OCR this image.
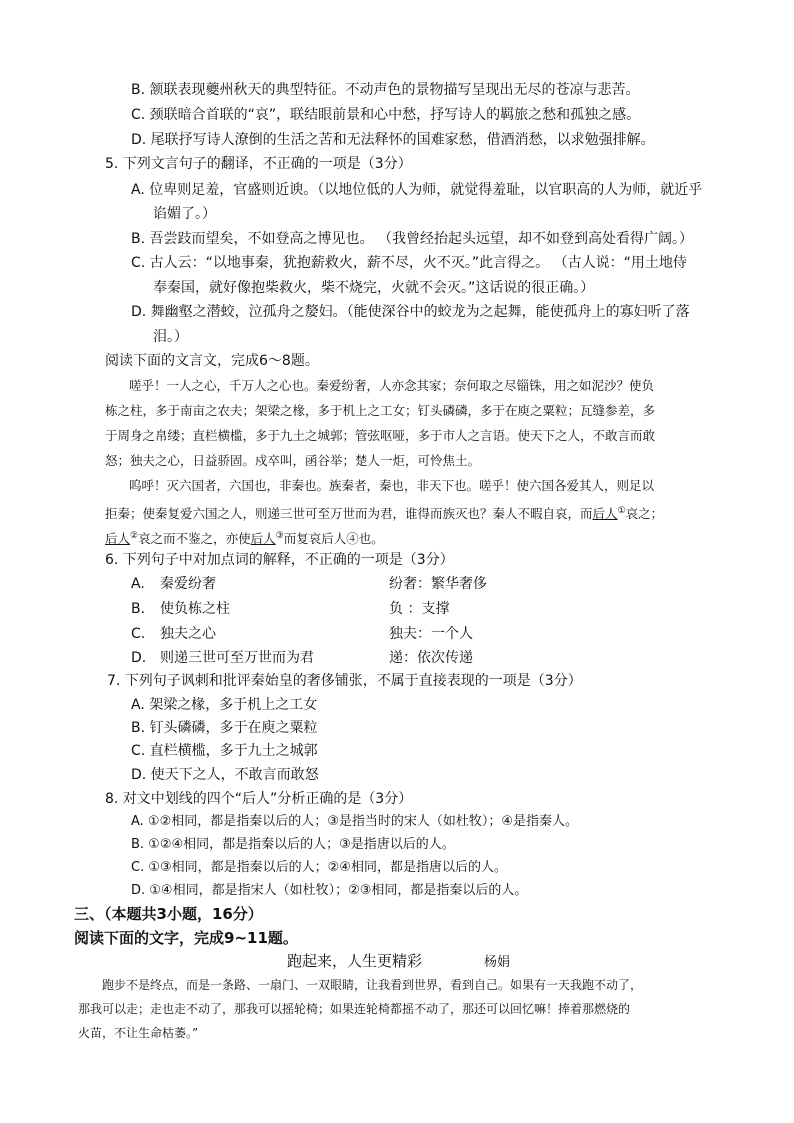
B. 颔联表现夔州秋天的典型特征。不动声色的景物描写呈现出无尽的苍凉与悲苦。
C. 颈联暗合首联的“哀”，联结眼前景和心中愁，抒写诗人的羁旅之愁和孤独之感。
D. 尾联抒写诗人潦倒的生活之苦和无法释怀的国难家愁，借酒消愁，以求勉强排解。
5. 下列文言句子的翻译，不正确的一项是（3分）
A. 位卑则足羞，官盛则近谀。（以地位低的人为师，就觉得羞耻，以官职高的人为师，就近乎
谄媚了。）
B. 吾尝跂而望矣，不如登高之博见也。 （我曾经抬起头远望，却不如登到高处看得广阔。）
C. 古人云：“以地事秦，犹抱薪救火，薪不尽，火不灭。”此言得之。 （古人说：“用土地侍
奉秦国，就好像抱柴救火，柴不烧完，火就不会灭。”这话说的很正确。）
D. 舞幽壑之潜蛟，泣孤舟之嫠妇。（能使深谷中的蛟龙为之起舞，能使孤舟上的寡妇听了落
泪。）
阅读下面的文言文，完成6～8题。
嗟乎！一人之心，千万人之心也。秦爱纷奢，人亦念其家；奈何取之尽锱铢，用之如泥沙？使负
栋之柱，多于南亩之农夫；架梁之椽，多于机上之工女；钉头磷磷，多于在庾之粟粒；瓦缝参差，多
于周身之帛缕；直栏横槛，多于九土之城郭；管弦呕哑，多于市人之言语。使天下之人，不敢言而敢
怒；独夫之心，日益骄固。戍卒叫，函谷举；楚人一炬，可怜焦土。
呜呼！灭六国者，六国也，非秦也。族秦者，秦也，非天下也。嗟乎！使六国各爱其人，则足以
拒秦；使秦复爱六国之人，则递三世可至万世而为君，谁得而族灭也？秦人不暇自哀，而后人①哀之；
后人②哀之而不鉴之，亦使后人③而复哀后人④也。
6. 下列句子中对加点词的解释，不正确的一项是（3分）
A. 秦爱纷奢	纷奢：繁华奢侈
B. 使负栋之柱	负 ：支撑
C. 独夫之心	独夫：一个人
D. 则递三世可至万世而为君	递：依次传递
7. 下列句子讽刺和批评秦始皇的奢侈铺张，不属于直接表现的一项是（3分）
A. 架梁之椽，多于机上之工女
B. 钉头磷磷，多于在庾之粟粒
C. 直栏横槛，多于九土之城郭
D. 使天下之人，不敢言而敢怒
8. 对文中划线的四个“后人”分析正确的是（3分）
A. ①②相同，都是指秦以后的人；③是指当时的宋人（如杜牧）；④是指秦人。
B. ①②④相同，都是指秦以后的人；③是指唐以后的人。
C. ①③相同，都是指秦以后的人；②④相同，都是指唐以后的人。
D. ①④相同，都是指宋人（如杜牧）；②③相同，都是指秦以后的人。
三、（本题共3小题，16分）
阅读下面的文字，完成9~11题。
跑起来，人生更精彩	杨娟
跑步不是终点，而是一条路、一扇门、一双眼睛，让我看到世界，看到自己。如果有一天我跑不动了，
那我可以走；走也走不动了，那我可以摇轮椅；如果连轮椅都摇不动了，那还可以回忆嘛！捧着那燃烧的
火苗，不让生命枯萎。”
